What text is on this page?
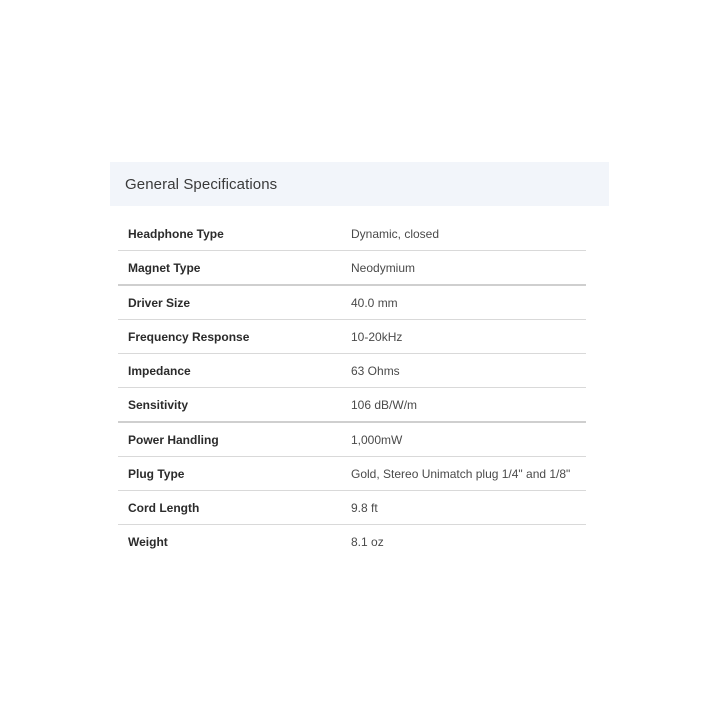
General Specifications
Headphone Type	Dynamic, closed
Magnet Type	Neodymium
Driver Size	40.0 mm
Frequency Response	10-20kHz
Impedance	63 Ohms
Sensitivity	106 dB/W/m
Power Handling	1,000mW
Plug Type	Gold, Stereo Unimatch plug 1/4" and 1/8"
Cord Length	9.8 ft
Weight	8.1 oz
